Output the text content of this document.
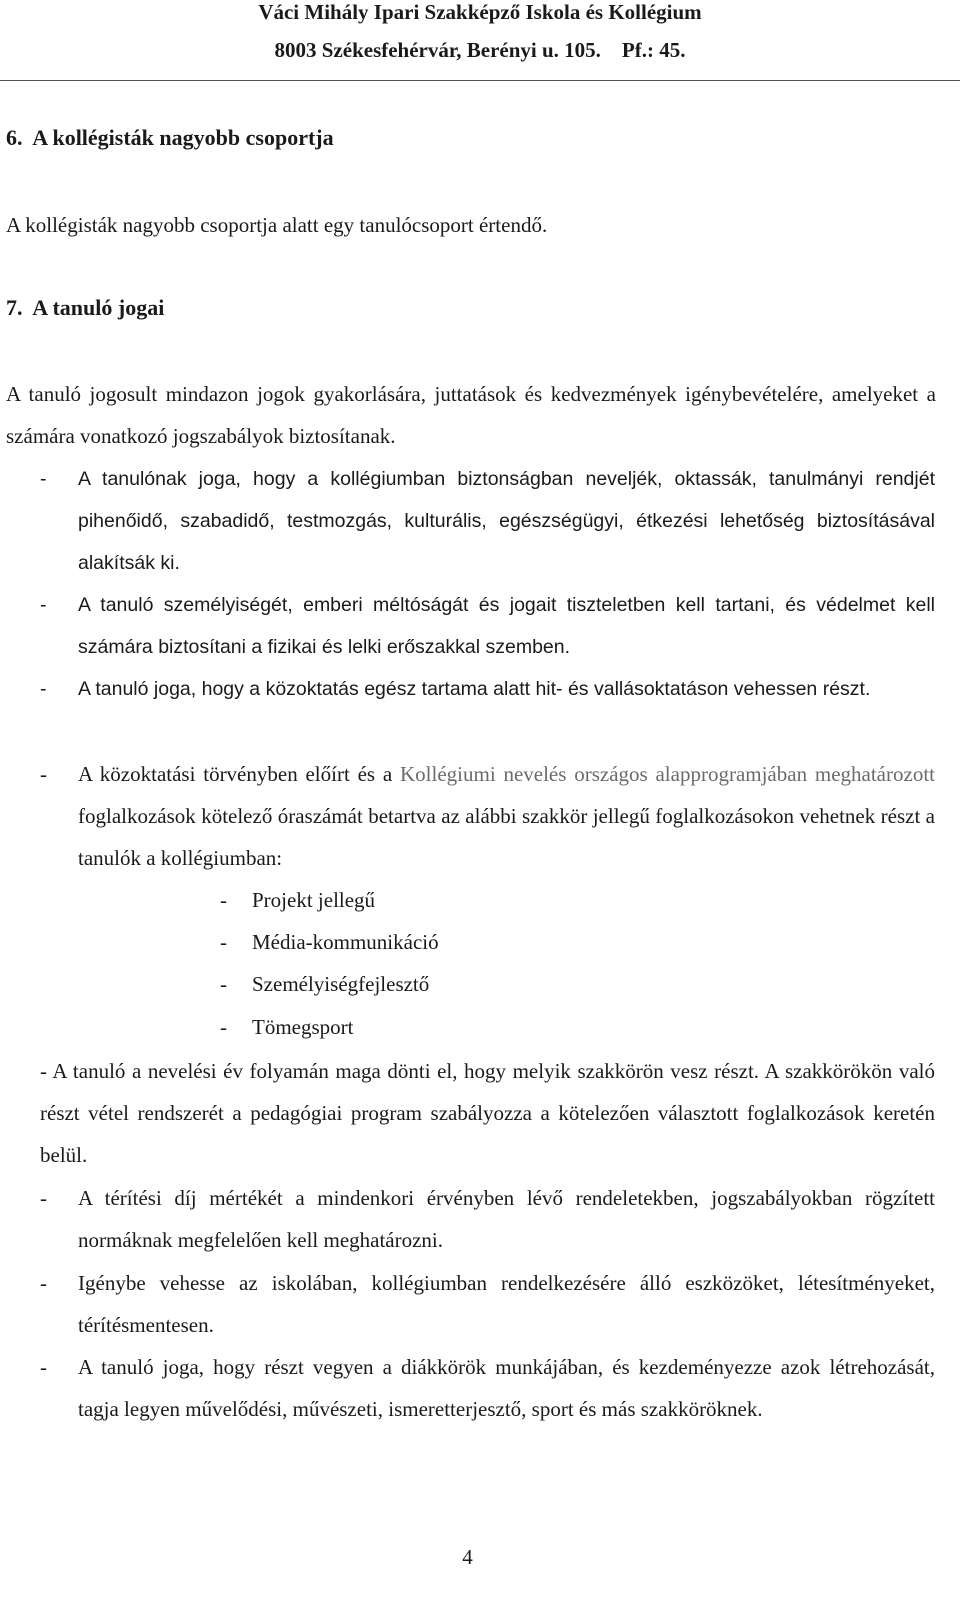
Váci Mihály Ipari Szakképző Iskola és Kollégium
8003 Székesfehérvár, Berényi u. 105.    Pf.: 45.
6.  A kollégisták nagyobb csoportja
A kollégisták nagyobb csoportja alatt egy tanulócsoport értendő.
7.  A tanuló jogai
A tanuló jogosult mindazon jogok gyakorlására, juttatások és kedvezmények igénybevételére, amelyeket a számára vonatkozó jogszabályok biztosítanak.
- A tanulónak joga, hogy a kollégiumban biztonságban neveljék, oktassák, tanulmányi rendjét pihenőidő, szabadidő, testmozgás, kulturális, egészségügyi, étkezési lehetőség biztosításával alakítsák ki.
- A tanuló személyiségét, emberi méltóságát és jogait tiszteletben kell tartani, és védelmet kell számára biztosítani a fizikai és lelki erőszakkal szemben.
- A tanuló joga, hogy a közoktatás egész tartama alatt hit- és vallásoktatáson vehessen részt.
- A közoktatási törvényben előírt és a Kollégiumi nevelés országos alapprogramjában meghatározott foglalkozások kötelező óraszámát betartva az alábbi szakkör jellegű foglalkozásokon vehetnek részt a tanulók a kollégiumban:
- Projekt jellegű
- Média-kommunikáció
- Személyiségfejlesztő
- Tömegsport
- A tanuló a nevelési év folyamán maga dönti el, hogy melyik szakkörön vesz részt. A szakkörökön való részt vétel rendszerét a pedagógiai program szabályozza a kötelezően választott foglalkozások keretén belül.
- A térítési díj mértékét a mindenkori érvényben lévő rendeletekben, jogszabályokban rögzített normáknak megfelelően kell meghatározni.
- Igénybe vehesse az iskolában, kollégiumban rendelkezésére álló eszközöket, létesítményeket, térítésmentesen.
- A tanuló joga, hogy részt vegyen a diákkörök munkájában, és kezdeményezze azok létrehozását, tagja legyen művelődési, művészeti, ismeretterjesztő, sport és más szakköröknek.
4
